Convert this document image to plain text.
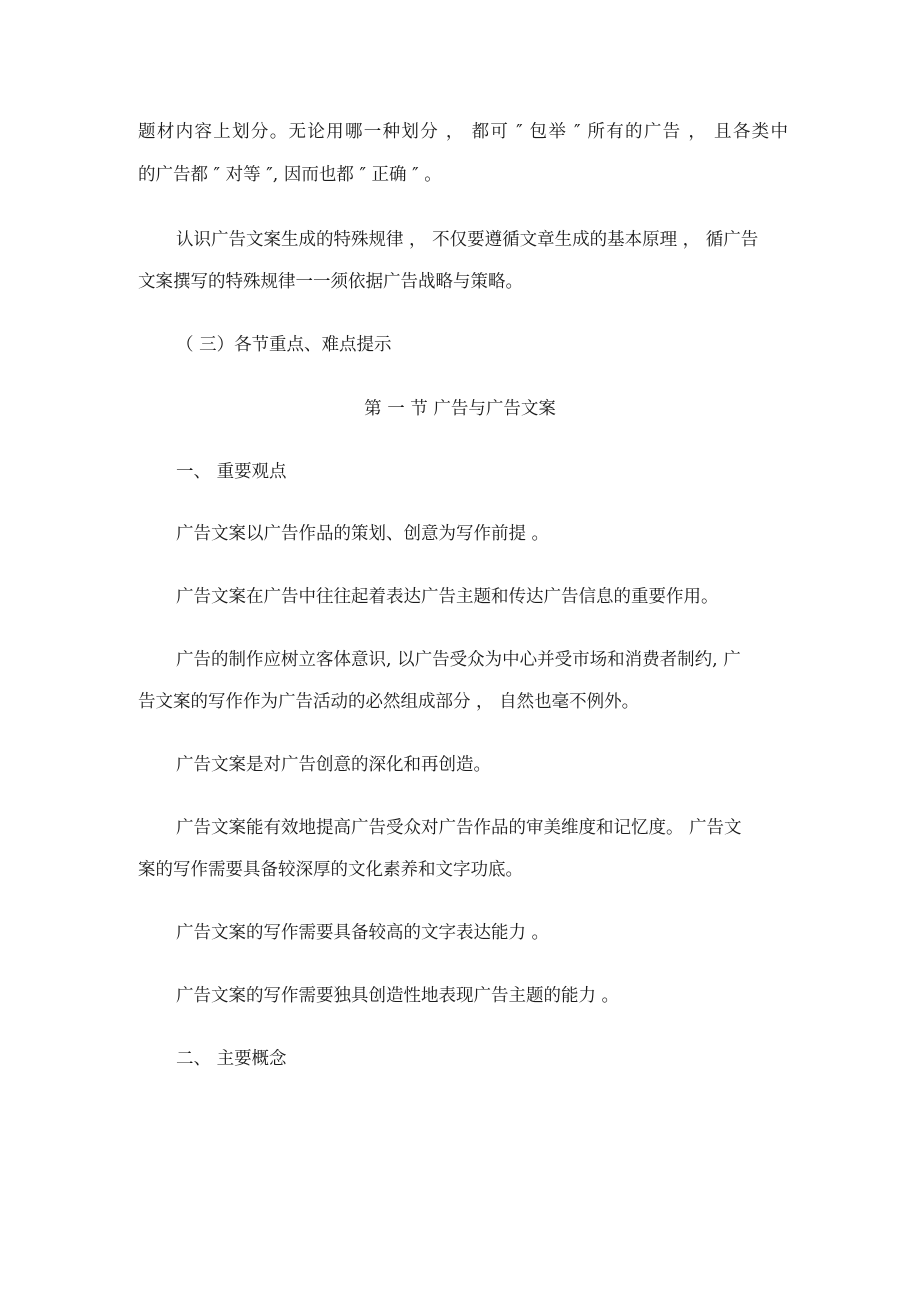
题材内容上划分。无论用哪一种划分 ， 都可 ″ 包举 ″ 所有的广告 ， 且各类中
的广告都 ″ 对等 ″, 因而也都 ″ 正确 ″ 。
认识广告文案生成的特殊规律 ， 不仅要遵循文章生成的基本原理 ， 循广告
文案撰写的特殊规律一一须依据广告战略与策略。
（ 三）各节重点、难点提示
第 一 节 广告与广告文案
一、 重要观点
广告文案以广告作品的策划、创意为写作前提 。
广告文案在广告中往往起着表达广告主题和传达广告信息的重要作用。
广告的制作应树立客体意识, 以广告受众为中心并受市场和消费者制约, 广
告文案的写作作为广告活动的必然组成部分 ， 自然也毫不例外。
广告文案是对广告创意的深化和再创造。
广告文案能有效地提高广告受众对广告作品的审美维度和记忆度。 广告文
案的写作需要具备较深厚的文化素养和文字功底。
广告文案的写作需要具备较高的文字表达能力 。
广告文案的写作需要独具创造性地表现广告主题的能力 。
二、 主要概念
